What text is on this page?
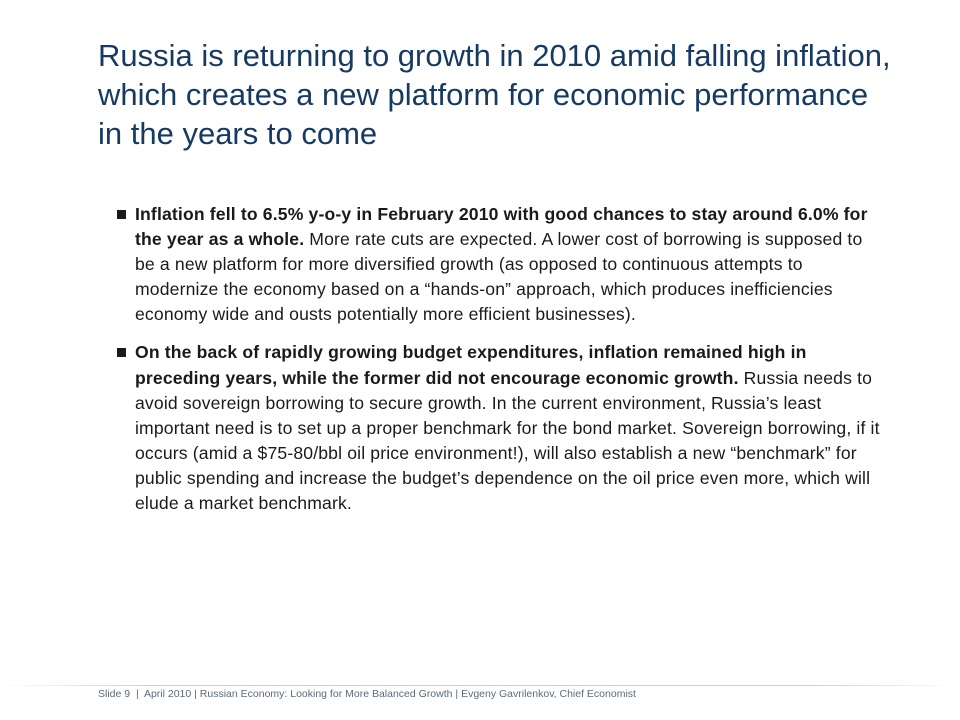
Russia is returning to growth in 2010 amid falling inflation, which creates a new platform for economic performance in the years to come
Inflation fell to 6.5% y-o-y in February 2010 with good chances to stay around 6.0% for the year as a whole. More rate cuts are expected. A lower cost of borrowing is supposed to be a new platform for more diversified growth (as opposed to continuous attempts to modernize the economy based on a “hands-on” approach, which produces inefficiencies economy wide and ousts potentially more efficient businesses).
On the back of rapidly growing budget expenditures, inflation remained high in preceding years, while the former did not encourage economic growth. Russia needs to avoid sovereign borrowing to secure growth. In the current environment, Russia’s least important need is to set up a proper benchmark for the bond market. Sovereign borrowing, if it occurs (amid a $75-80/bbl oil price environment!), will also establish a new “benchmark” for public spending and increase the budget’s dependence on the oil price even more, which will elude a market benchmark.
Slide 9  |  April 2010 | Russian Economy: Looking for More Balanced Growth | Evgeny Gavrilenkov, Chief Economist
